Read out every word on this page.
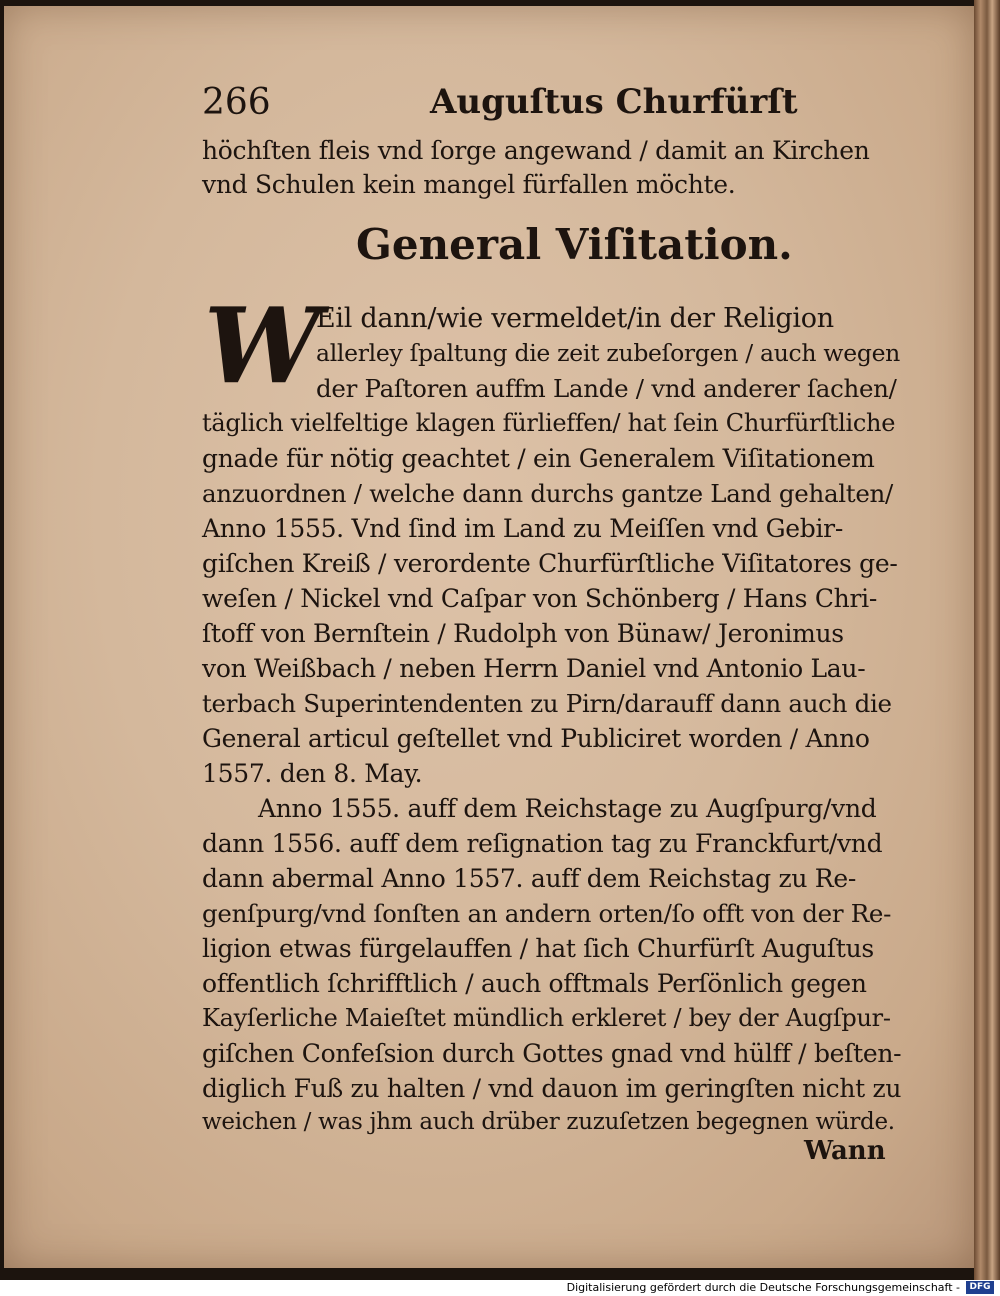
266	Auguſtus Churfürſt
höchſten fleis vnd ſorge angewand / damit an Kirchen
vnd Schulen kein mangel fürfallen möchte.
General Viſitation.
W
Eil dann/wie vermeldet/in der Religion
allerley ſpaltung die zeit zubeſorgen / auch wegen
der Paſtoren auffm Lande / vnd anderer ſachen/
täglich vielfeltige klagen fürlieffen/ hat ſein Churfürſtliche
gnade für nötig geachtet / ein Generalem Viſitationem
anzuordnen / welche dann durchs gantze Land gehalten/
Anno 1555. Vnd ſind im Land zu Meiſſen vnd Gebir-
giſchen Kreiß / verordente Churfürſtliche Viſitatores ge-
weſen / Nickel vnd Caſpar von Schönberg / Hans Chri-
ſtoff von Bernſtein / Rudolph von Bünaw/ Jeronimus
von Weißbach / neben Herrn Daniel vnd Antonio Lau-
terbach Superintendenten zu Pirn/darauff dann auch die
General articul geſtellet vnd Publiciret worden / Anno
1557. den 8. May.
Anno 1555. auff dem Reichstage zu Augſpurg/vnd
dann 1556. auff dem reſignation tag zu Franckfurt/vnd
dann abermal Anno 1557. auff dem Reichstag zu Re-
genſpurg/vnd ſonſten an andern orten/ſo offt von der Re-
ligion etwas fürgelauffen / hat ſich Churfürſt Auguſtus
offentlich ſchrifftlich / auch offtmals Perſönlich gegen
Kayſerliche Maieſtet mündlich erkleret / bey der Augſpur-
giſchen Confeſsion durch Gottes gnad vnd hülff / beſten-
diglich Fuß zu halten / vnd dauon im geringſten nicht zu
weichen / was jhm auch drüber zuzuſetzen begegnen würde.
Wann
Digitalisierung gefördert durch die Deutsche Forschungsgemeinschaft -	DFG
